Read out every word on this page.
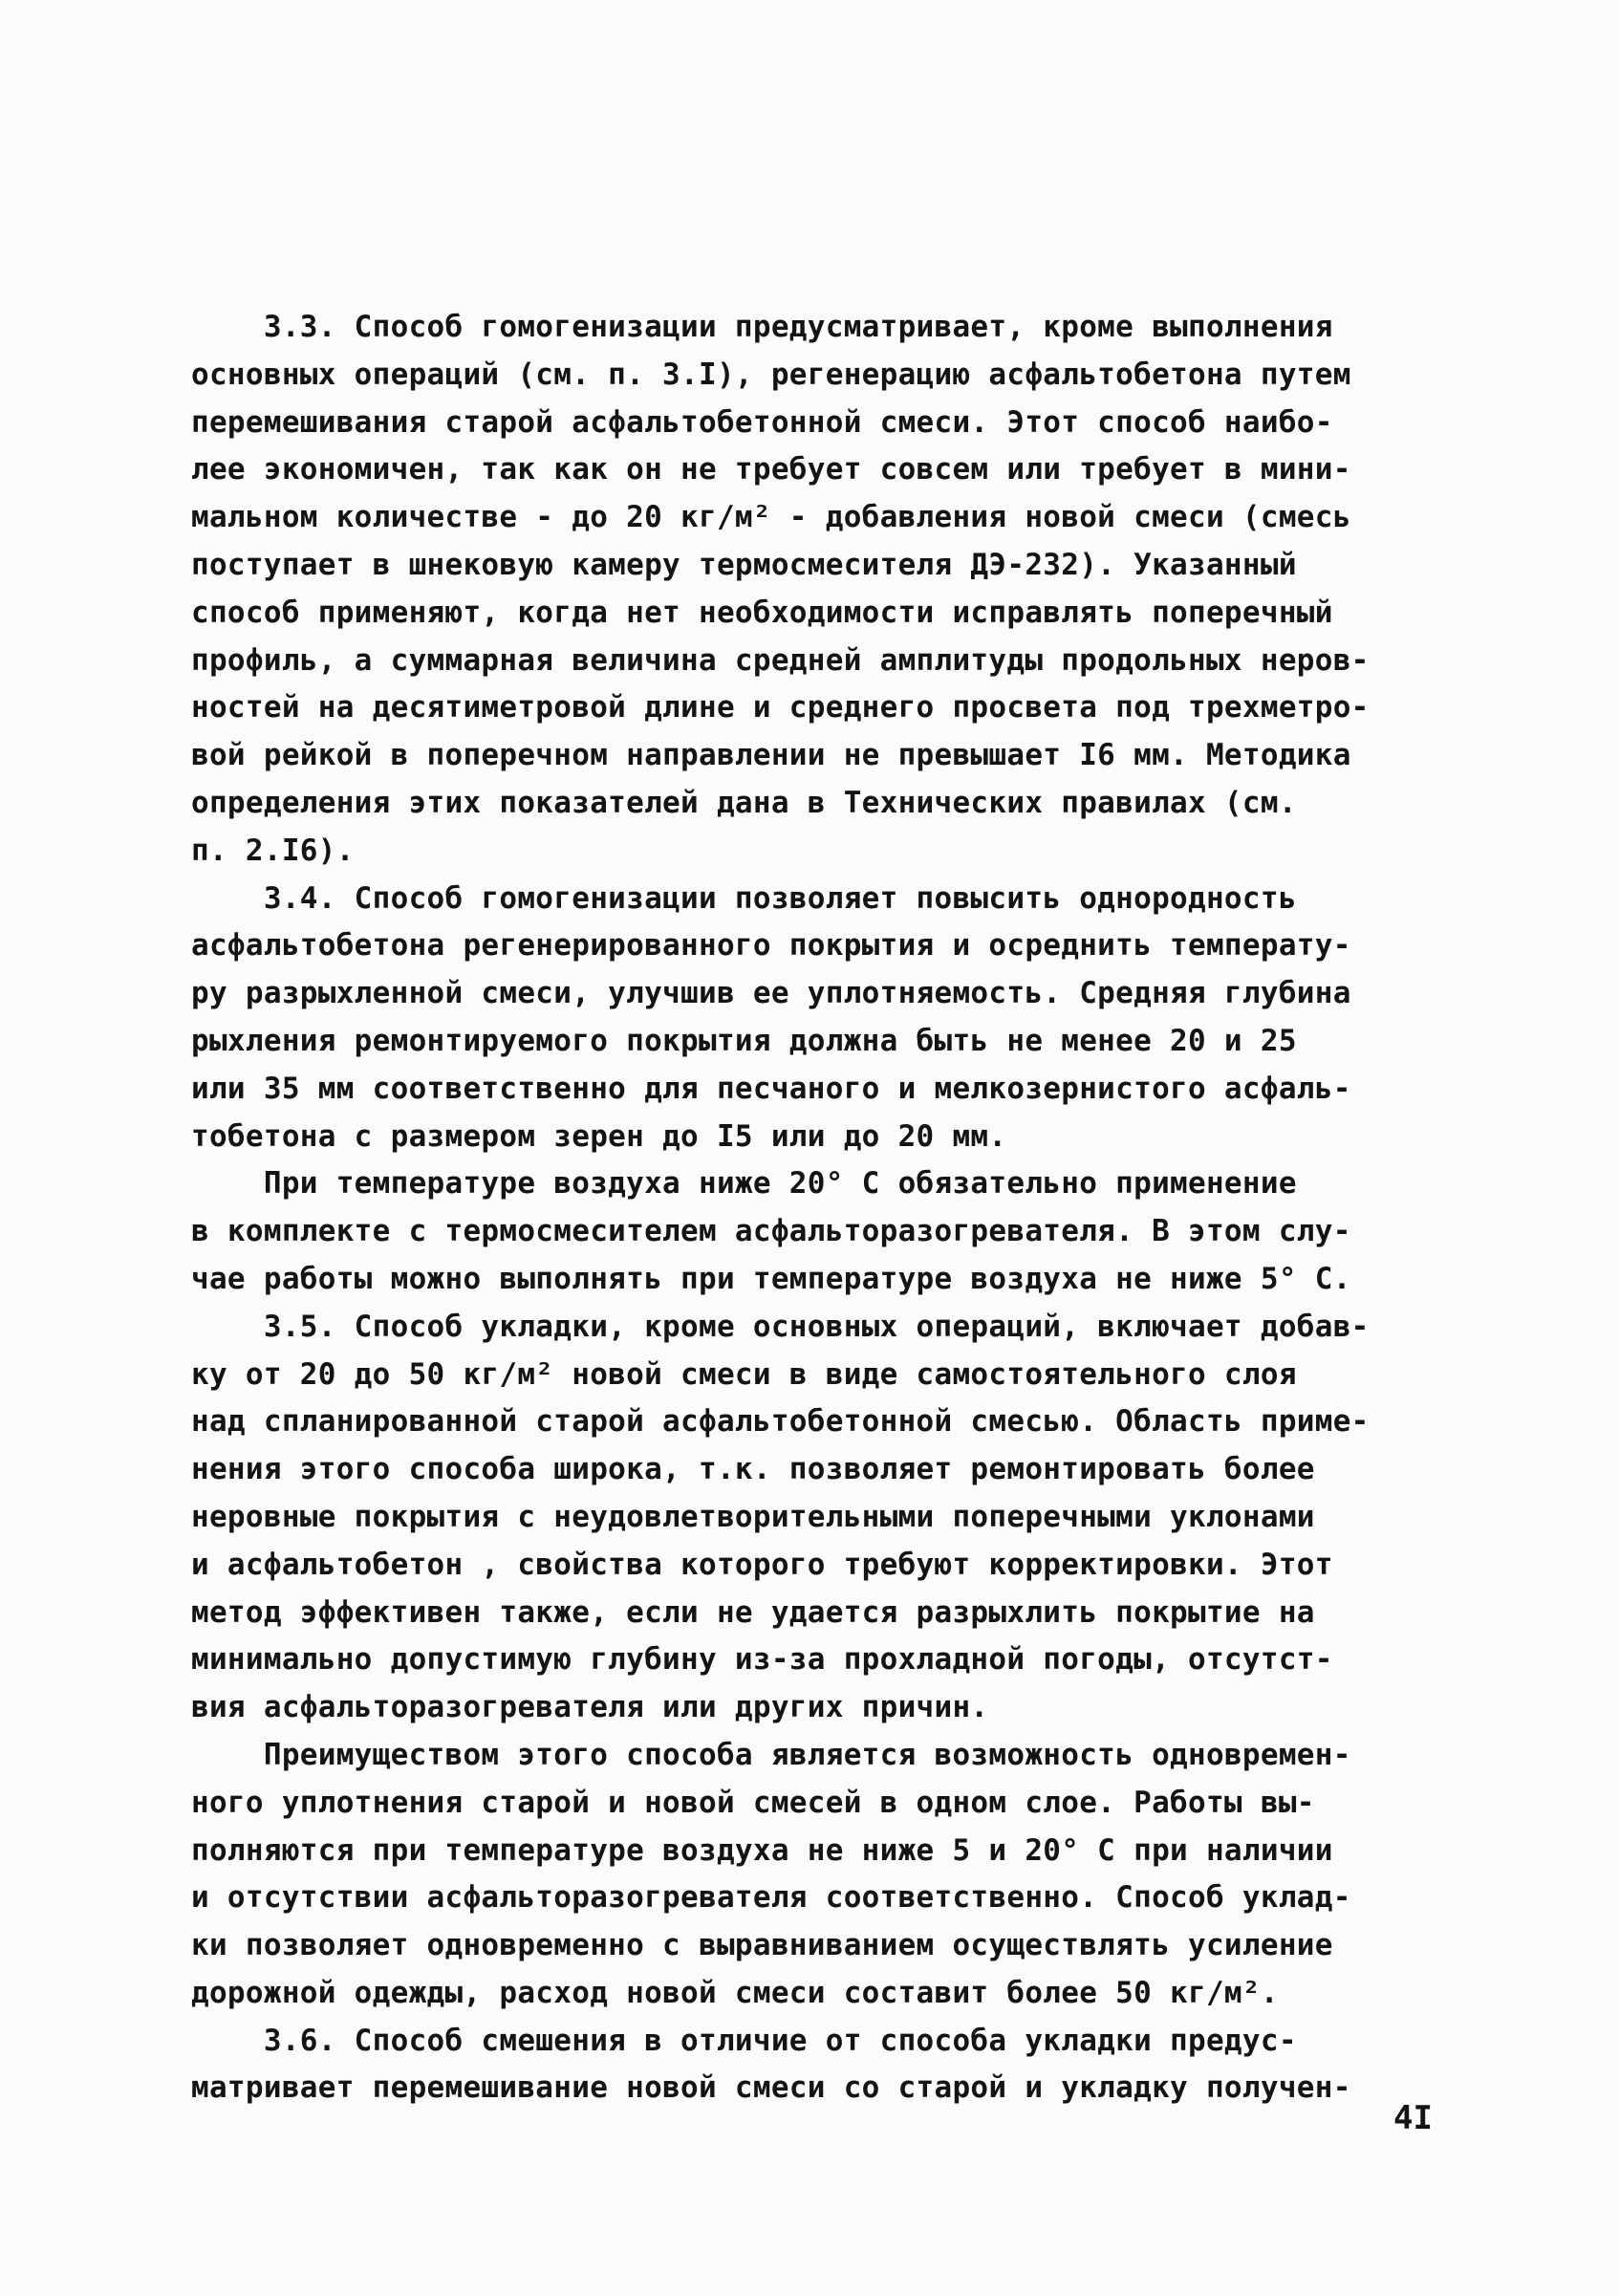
3.3. Способ гомогенизации предусматривает, кроме выполнения
основных операций (см. п. 3.I), регенерацию асфальтобетона путем
перемешивания старой асфальтобетонной смеси. Этот способ наибо-
лее экономичен, так как он не требует совсем или требует в мини-
мальном количестве - до 20 кг/м² - добавления новой смеси (смесь
поступает в шнековую камеру термосмесителя ДЭ-232). Указанный
способ применяют, когда нет необходимости исправлять поперечный
профиль, а суммарная величина средней амплитуды продольных неров-
ностей на десятиметровой длине и среднего просвета под трехметро-
вой рейкой в поперечном направлении не превышает I6 мм. Методика
определения этих показателей дана в Технических правилах (см.
п. 2.I6).
3.4. Способ гомогенизации позволяет повысить однородность
асфальтобетона регенерированного покрытия и осреднить температу-
ру разрыхленной смеси, улучшив ее уплотняемость. Средняя глубина
рыхления ремонтируемого покрытия должна быть не менее 20 и 25
или 35 мм соответственно для песчаного и мелкозернистого асфаль-
тобетона с размером зерен до I5 или до 20 мм.
При температуре воздуха ниже 20° С обязательно применение
в комплекте с термосмесителем асфальторазогревателя. В этом слу-
чае работы можно выполнять при температуре воздуха не ниже 5° С.
3.5. Способ укладки, кроме основных операций, включает добав-
ку от 20 до 50 кг/м² новой смеси в виде самостоятельного слоя
над спланированной старой асфальтобетонной смесью. Область приме-
нения этого способа широка, т.к. позволяет ремонтировать более
неровные покрытия с неудовлетворительными поперечными уклонами
и асфальтобетон , свойства которого требуют корректировки. Этот
метод эффективен также, если не удается разрыхлить покрытие на
минимально допустимую глубину из-за прохладной погоды, отсутст-
вия асфальторазогревателя или других причин.
Преимуществом этого способа является возможность одновремен-
ного уплотнения старой и новой смесей в одном слое. Работы вы-
полняются при температуре воздуха не ниже 5 и 20° С при наличии
и отсутствии асфальторазогревателя соответственно. Способ уклад-
ки позволяет одновременно с выравниванием осуществлять усиление
дорожной одежды, расход новой смеси составит более 50 кг/м².
3.6. Способ смешения в отличие от способа укладки предус-
матривает перемешивание новой смеси со старой и укладку получен-
4I
